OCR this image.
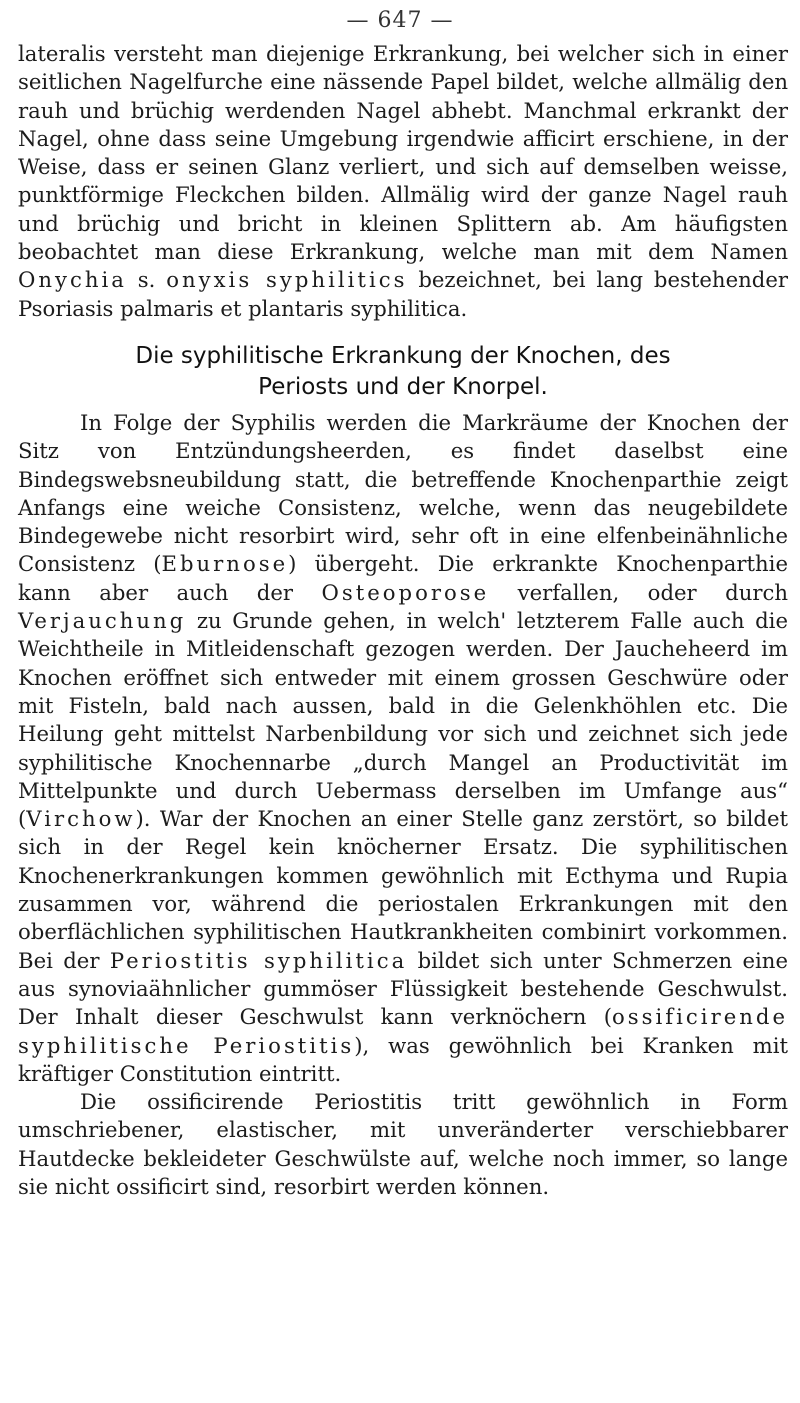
— 647 —

lateralis versteht man diejenige Erkrankung, bei welcher sich in einer seitlichen Nagelfurche eine nässende Papel bildet, welche allmälig den rauh und brüchig werdenden Nagel abhebt. Manchmal erkrankt der Nagel, ohne dass seine Umgebung irgendwie afficirt erschiene, in der Weise, dass er seinen Glanz verliert, und sich auf demselben weisse, punktförmige Fleckchen bilden. Allmälig wird der ganze Nagel rauh und brüchig und bricht in kleinen Splittern ab. Am häufigsten beobachtet man diese Erkrankung, welche man mit dem Namen Onychia s. onyxis syphilitics bezeichnet, bei lang bestehender Psoriasis palmaris et plantaris syphilitica.

Die syphilitische Erkrankung der Knochen, des
Periosts und der Knorpel.

In Folge der Syphilis werden die Markräume der Knochen der Sitz von Entzündungsheerden, es findet daselbst eine Bindegswebsneubildung statt, die betreffende Knochenparthie zeigt Anfangs eine weiche Consistenz, welche, wenn das neugebildete Bindegewebe nicht resorbirt wird, sehr oft in eine elfenbeinähnliche Consistenz (Eburnose) übergeht. Die erkrankte Knochenparthie kann aber auch der Osteoporose verfallen, oder durch Verjauchung zu Grunde gehen, in welch' letzterem Falle auch die Weichtheile in Mitleidenschaft gezogen werden. Der Jaucheheerd im Knochen eröffnet sich entweder mit einem grossen Geschwüre oder mit Fisteln, bald nach aussen, bald in die Gelenkhöhlen etc. Die Heilung geht mittelst Narbenbildung vor sich und zeichnet sich jede syphilitische Knochennarbe „durch Mangel an Productivität im Mittelpunkte und durch Uebermass derselben im Umfange aus“ (Virchow). War der Knochen an einer Stelle ganz zerstört, so bildet sich in der Regel kein knöcherner Ersatz. Die syphilitischen Knochenerkrankungen kommen gewöhnlich mit Ecthyma und Rupia zusammen vor, während die periostalen Erkrankungen mit den oberflächlichen syphilitischen Hautkrankheiten combinirt vorkommen. Bei der Periostitis syphilitica bildet sich unter Schmerzen eine aus synoviaähnlicher gummöser Flüssigkeit bestehende Geschwulst. Der Inhalt dieser Geschwulst kann verknöchern (ossificirende syphilitische Periostitis), was gewöhnlich bei Kranken mit kräftiger Constitution eintritt.

Die ossificirende Periostitis tritt gewöhnlich in Form umschriebener, elastischer, mit unveränderter verschiebbarer Hautdecke bekleideter Geschwülste auf, welche noch immer, so lange sie nicht ossificirt sind, resorbirt werden können.
